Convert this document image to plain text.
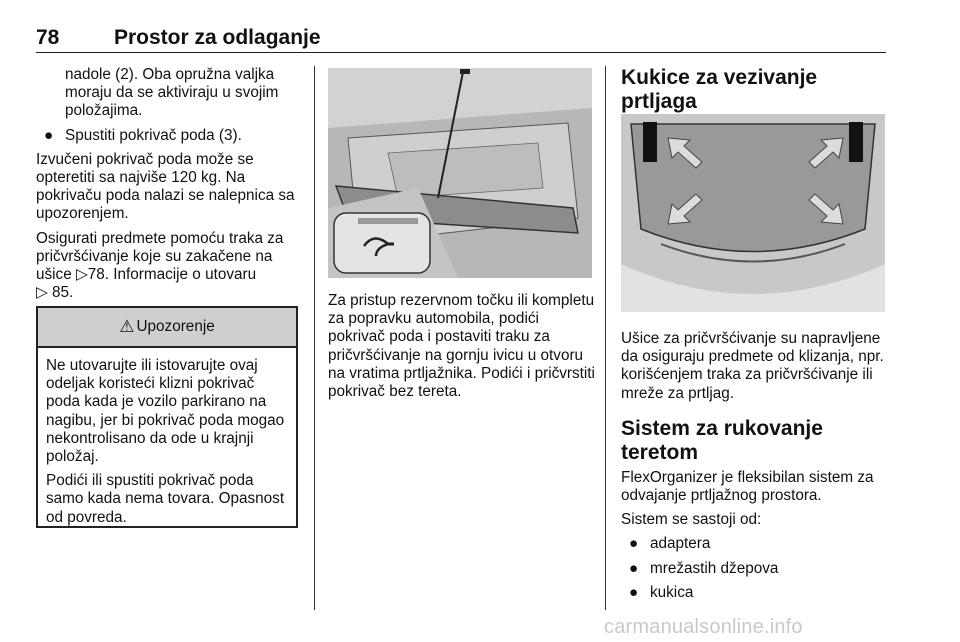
78	Prostor za odlaganje

nadole (2). Oba opružna valjka moraju da se aktiviraju u svojim položajima.

● Spustiti pokrivač poda (3).

Izvučeni pokrivač poda može se opteretiti sa najviše 120 kg. Na pokrivaču poda nalazi se nalepnica sa upozorenjem.

Osigurati predmete pomoću traka za pričvršćivanje koje su zakačene na ušice ▷78. Informacije o utovaru
▷ 85.

⚠ Upozorenje

Ne utovarujte ili istovarujte ovaj odeljak koristeći klizni pokrivač poda kada je vozilo parkirano na nagibu, jer bi pokrivač poda mogao nekontrolisano da ode u krajnji položaj.

Podići ili spustiti pokrivač poda samo kada nema tovara. Opasnost od povreda.

Za pristup rezervnom točku ili kompletu za popravku automobila, podići pokrivač poda i postaviti traku za pričvršćivanje na gornju ivicu u otvoru na vratima prtljažnika. Podići i pričvrstiti pokrivač bez tereta.

Kukice za vezivanje prtljaga

Ušice za pričvršćivanje su napravljene da osiguraju predmete od klizanja, npr. korišćenjem traka za pričvršćivanje ili mreže za prtljag.

Sistem za rukovanje teretom

FlexOrganizer je fleksibilan sistem za odvajanje prtljažnog prostora.

Sistem se sastoji od:

● adaptera
● mrežastih džepova
● kukica
carmanualsonline.info
